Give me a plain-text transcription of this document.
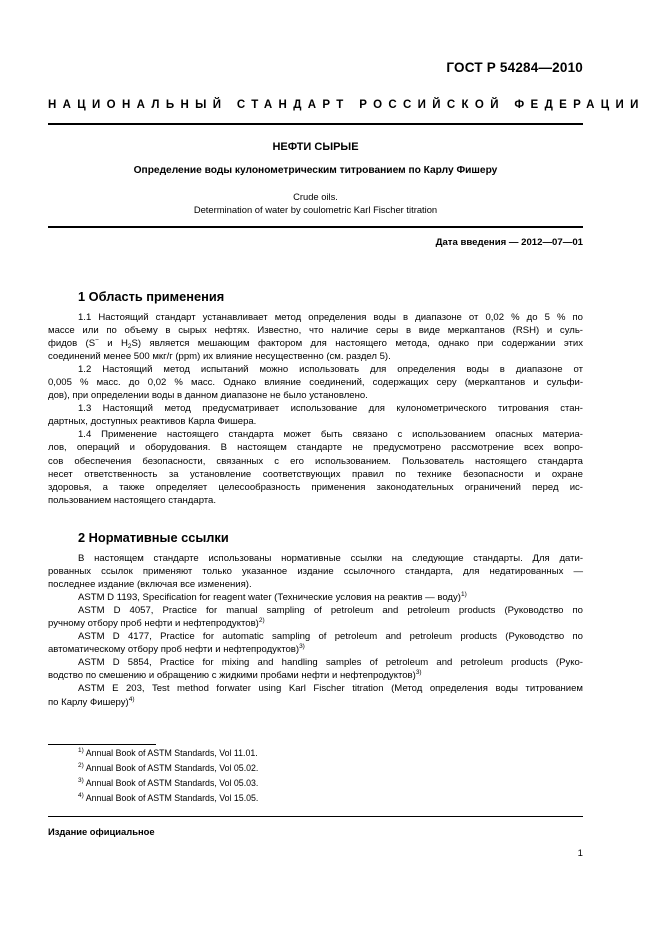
ГОСТ Р 54284—2010
НАЦИОНАЛЬНЫЙ СТАНДАРТ РОССИЙСКОЙ ФЕДЕРАЦИИ
НЕФТИ СЫРЫЕ
Определение воды кулонометрическим титрованием по Карлу Фишеру
Crude oils.
Determination of water by coulometric Karl Fischer titration
Дата введения — 2012—07—01
1 Область применения
1.1 Настоящий стандарт устанавливает метод определения воды в диапазоне от 0,02 % до 5 % по
массе или по объему в сырых нефтях. Известно, что наличие серы в виде меркаптанов (RSH) и суль-
фидов (S− и $H_2S$) является мешающим фактором для настоящего метода, однако при содержании этих
соединений менее 500 мкг/г (ppm) их влияние несущественно (см. раздел 5).
1.2 Настоящий метод испытаний можно использовать для определения воды в диапазоне от
0,005 % масс. до 0,02 % масс. Однако влияние соединений, содержащих серу (меркаптанов и сульфи-
дов), при определении воды в данном диапазоне не было установлено.
1.3 Настоящий метод предусматривает использование для кулонометрического титрования стан-
дартных, доступных реактивов Карла Фишера.
1.4 Применение настоящего стандарта может быть связано с использованием опасных материа-
лов, операций и оборудования. В настоящем стандарте не предусмотрено рассмотрение всех вопро-
сов обеспечения безопасности, связанных с его использованием. Пользователь настоящего стандарта
несет ответственность за установление соответствующих правил по технике безопасности и охране
здоровья, а также определяет целесообразность применения законодательных ограничений перед ис-
пользованием настоящего стандарта.
2 Нормативные ссылки
В настоящем стандарте использованы нормативные ссылки на следующие стандарты. Для дати-
рованных ссылок применяют только указанное издание ссылочного стандарта, для недатированных —
последнее издание (включая все изменения).
ASTM D 1193, Specification for reagent water (Технические условия на реактив — воду)$^{1)}$
ASTM D 4057, Practice for manual sampling of petroleum and petroleum products (Руководство по
ручному отбору проб нефти и нефтепродуктов)$^{2)}$
ASTM D 4177, Practice for automatic sampling of petroleum and petroleum products (Руководство по
автоматическому отбору проб нефти и нефтепродуктов)$^{3)}$
ASTM D 5854, Practice for mixing and handling samples of petroleum and petroleum products (Руко-
водство по смешению и обращению с жидкими пробами нефти и нефтепродуктов)$^{3)}$
ASTM E 203, Test method forwater using Karl Fischer titration (Метод определения воды титрованием
по Карлу Фишеру)$^{4)}$
$^{1)}$ Annual Book of ASTM Standards, Vol 11.01.
$^{2)}$ Annual Book of ASTM Standards, Vol 05.02.
$^{3)}$ Annual Book of ASTM Standards, Vol 05.03.
$^{4)}$ Annual Book of ASTM Standards, Vol 15.05.
Издание официальное
1
